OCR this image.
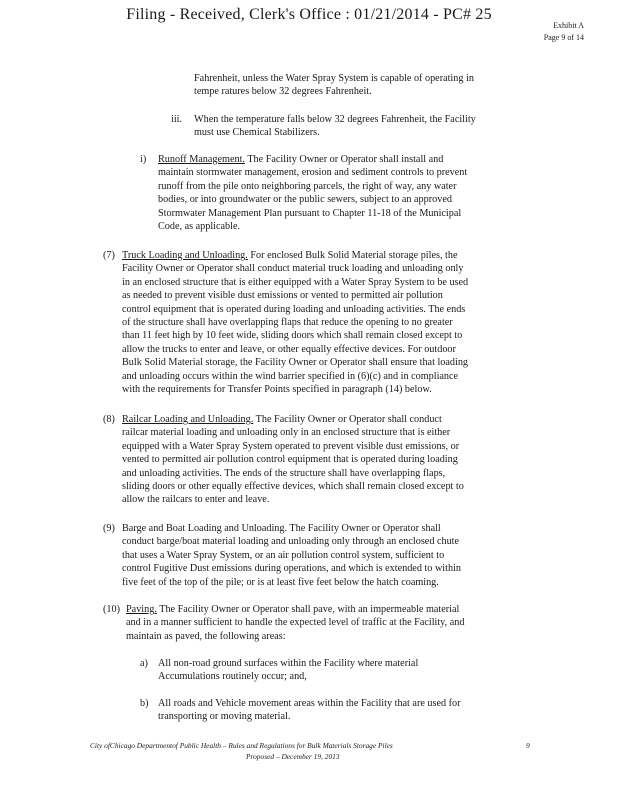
Filing - Received, Clerk's Office : 01/21/2014 - PC# 25
Exhibit A
Page 9 of 14
Fahrenheit, unless the Water Spray System is capable of operating in
tempe ratures below 32 degrees Fahrenheit.
iii. When the temperature falls below 32 degrees Fahrenheit, the Facility
must use Chemical Stabilizers.
i) Runoff Management. The Facility Owner or Operator shall install and
maintain stormwater management, erosion and sediment controls to prevent
runoff from the pile onto neighboring parcels, the right of way, any water
bodies, or into groundwater or the public sewers, subject to an approved
Stormwater Management Plan pursuant to Chapter 11-18 of the Municipal
Code, as applicable.
(7) Truck Loading and Unloading. For enclosed Bulk Solid Material storage piles, the
Facility Owner or Operator shall conduct material truck loading and unloading only
in an enclosed structure that is either equipped with a Water Spray System to be used
as needed to prevent visible dust emissions or vented to permitted air pollution
control equipment that is operated during loading and unloading activities. The ends
of the structure shall have overlapping flaps that reduce the opening to no greater
than 11 feet high by 10 feet wide, sliding doors which shall remain closed except to
allow the trucks to enter and leave, or other equally effective devices. For outdoor
Bulk Solid Material storage, the Facility Owner or Operator shall ensure that loading
and unloading occurs within the wind barrier specified in (6)(c) and in compliance
with the requirements for Transfer Points specified in paragraph (14) below.
(8) Railcar Loading and Unloading. The Facility Owner or Operator shall conduct
railcar material loading and unloading only in an enclosed structure that is either
equipped with a Water Spray System operated to prevent visible dust emissions, or
vented to permitted air pollution control equipment that is operated during loading
and unloading activities. The ends of the structure shall have overlapping flaps,
sliding doors or other equally effective devices, which shall remain closed except to
allow the railcars to enter and leave.
(9) Barge and Boat Loading and Unloading. The Facility Owner or Operator shall
conduct barge/boat material loading and unloading only through an enclosed chute
that uses a Water Spray System, or an air pollution control system, sufficient to
control Fugitive Dust emissions during operations, and which is extended to within
five feet of the top of the pile; or is at least five feet below the hatch coaming.
(10) Paving. The Facility Owner or Operator shall pave, with an impermeable material
and in a manner sufficient to handle the expected level of traffic at the Facility, and
maintain as paved, the following areas:
a) All non-road ground surfaces within the Facility where material
Accumulations routinely occur; and,
b) All roads and Vehicle movement areas within the Facility that are used for
transporting or moving material.
City ofChicago Departmentof Public Health – Rules and Regulations for Bulk Materials Storage Piles
Proposed – December 19, 2013
9
